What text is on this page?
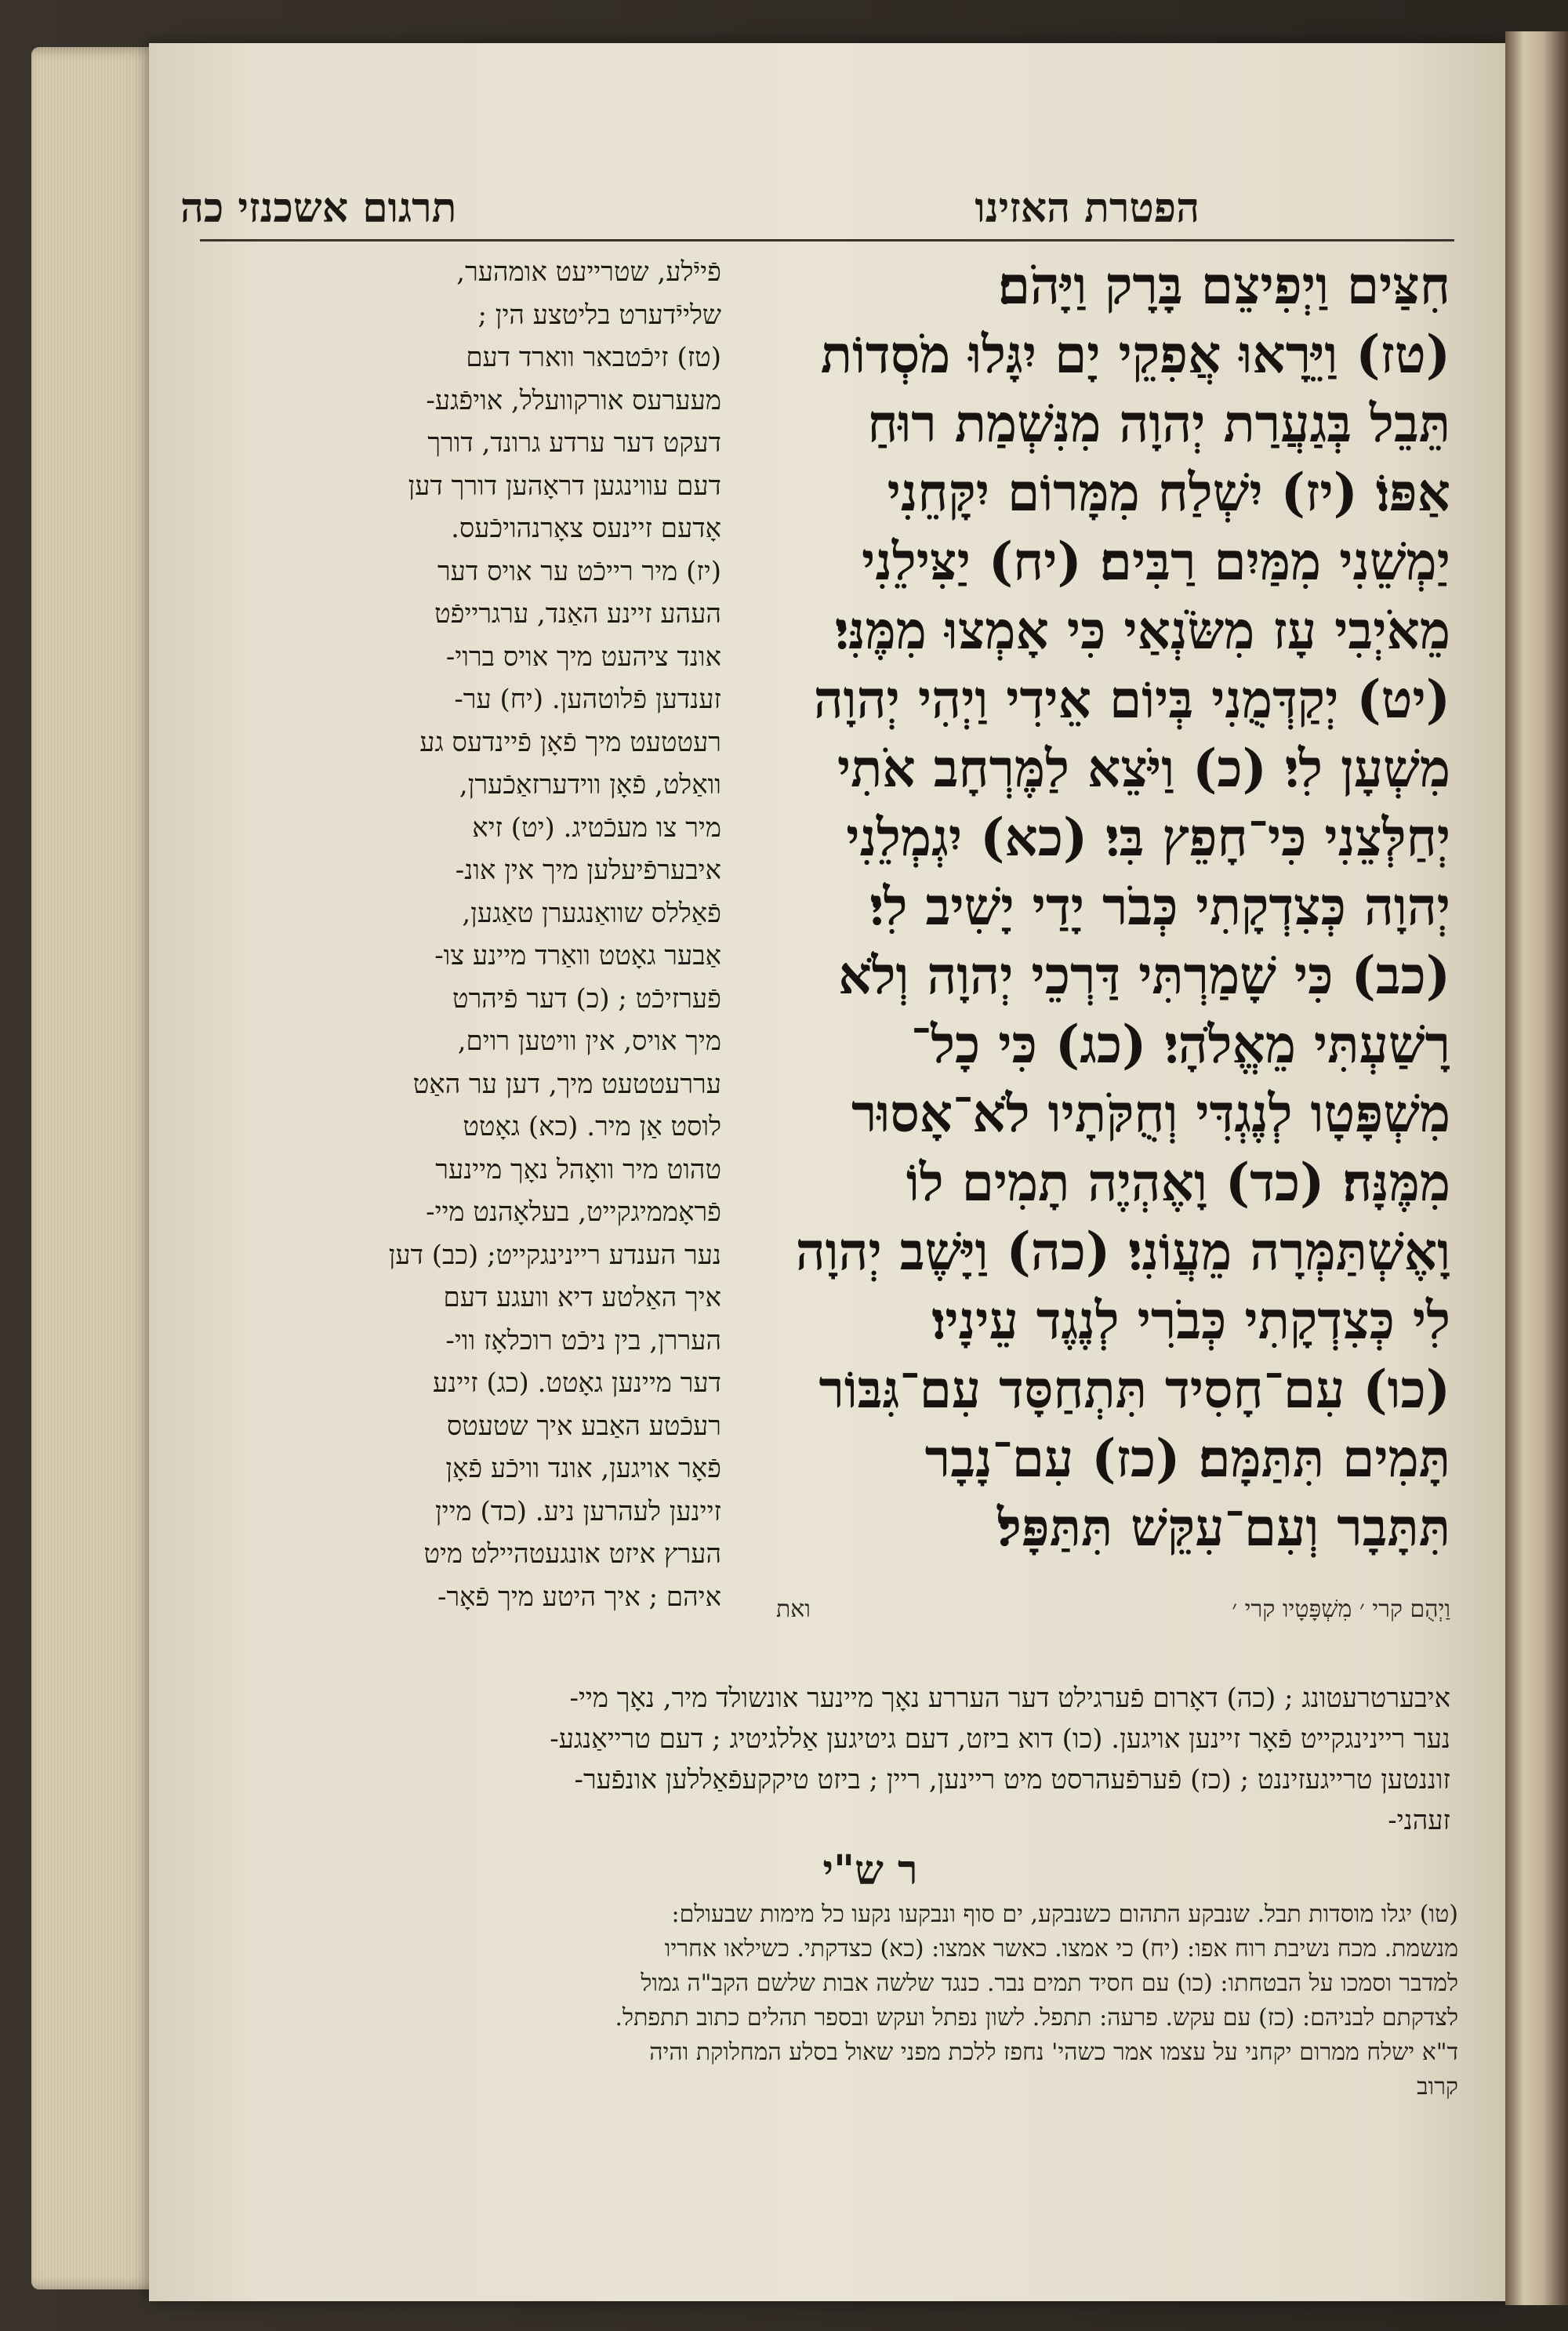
הפטרת האזינו
תרגום אשכנזי כה
חִצַּים וַיְפִיצֵם בָּרָק וַיָּהֹם׃
(טז) וַיֵּרָאוּ אֲפִקֵי יָם יִגָּלוּ מֹסְדוֹת
תֵּבֵל בְּגַעֲרַת יְהוָה מִנִּשְׁמַת רוּחַ
אַפּוֹ׃ (יז) יִשְׁלַח מִמָּרוֹם יִקָּחֵנִי
יַמְשֵׁנִי מִמַּיִם רַבִּים׃ (יח) יַצִּילֵנִי
מֵאֹיְבִי עָז מִשֹּׂנְאַי כִּי אָמְצוּ מִמֶּנִּי׃
(יט) יְקַדְּמֻנִי בְּיוֹם אֵידִי וַיְהִי יְהוָה
מִשְׁעָן לִי׃ (כ) וַיֹּצֵא לַמֶּרְחָב אֹתִי
יְחַלְּצֵנִי כִּי־חָפֵץ בִּי׃ (כא) יִגְמְלֵנִי
יְהוָה כְּצִדְקָתִי כְּבֹר יָדַי יָשִׁיב לִי׃
(כב) כִּי שָׁמַרְתִּי דַּרְכֵי יְהוָה וְלֹא
רָשַׁעְתִּי מֵאֱלֹהָי׃ (כג) כִּי כָל־
מִשְׁפָּטָו לְנֶגְדִּי וְחֻקֹּתָיו לֹא־אָסוּר
מִמֶּנָּה׃ (כד) וָאֶהְיֶה תָמִים לוֹ
וָאֶשְׁתַּמְּרָה מֵעֲוֹנִי׃ (כה) וַיָּשֶׁב יְהוָה
לִי כְּצִדְקָתִי כְּבֹרִי לְנֶגֶד עֵינָיו׃
(כו) עִם־חָסִיד תִּתְחַסָּד עִם־גִּבּוֹר
תָּמִים תִּתַּמָּם׃ (כז) עִם־נָבָר
תִּתָּבָר וְעִם־עִקֵּשׁ תִּתַּפָּל׃
וַיְהֻם קרי ׳ מִשְׁפָּטָיו קרי ׳
ואת
פֿייֿלע, שטרייעט אומהער,
שלייֿדערט בליטצע הין ;
(טז) זיכֿטבאר ווארד דעם
מעערעס אורקוועלל, אויפֿגע-
דעקט דער ערדע גרונד, דורך
דעם עווינגען דראָהען דורך דען
אָדעם זיינעס צאָרנהויכֿעס.
(יז) מיר רייכֿט ער אויס דער
העהע זיינע האַנד, ערגרייפֿט
אונד ציהעט מיך אויס ברוי-
זענדען פֿלוטהען. (יח) ער-
רעטטעט מיך פֿאָן פֿיינדעס גע
וואַלט, פֿאָן ווידערזאַכֿערן,
מיר צו מעכֿטיג. (יט) זיא
איבערפֿיעלען מיך אין אונ-
פֿאַללס שוואַנגערן טאַגען,
אַבער גאָטט וואַרד מיינע צו-
פֿערזיכֿט ; (כ) דער פֿיהרט
מיך אויס, אין וויטען רוים,
עררעטטעט מיך, דען ער האַט
לוסט אַן מיר. (כא) גאָטט
טהוט מיר וואָהל נאָך מיינער
פֿראָממיגקייט, בעלאָהנט מיי-
נער הענדע ריינינגקייט; (כב) דען
איך האַלטע דיא וועגע דעם
העררן, בין ניכֿט רוכלאָז ווי-
דער מיינען גאָטט. (כג) זיינע
רעכֿטע האַבע איך שטעטס
פֿאָר אויגען, אונד וויכֿע פֿאָן
זיינען לעהרען ניע. (כד) מיין
הערץ איזט אונגעטהיילט מיט
איהם ; איך היטע מיך פֿאָר-
איבערטרעטונג ; (כה) דאָרום פֿערגילט דער העררע נאָך מיינער אונשולד מיר, נאָך מיי-
נער ריינינגקייט פֿאָר זיינען אויגען. (כו) דוא ביזט, דעם גיטיגען אַללגיטיג ; דעם טרייאַנגע-
זוננטען טרייגעזיננט ; (כז) פֿערפֿעהרסט מיט ריינען, ריין ; ביזט טיקקעפֿאַללען אונפֿער-
זעהני-
ר ש"י
(טו) יגלו מוסדות תבל. שנבקע התהום כשנבקע, ים סוף ונבקעו נקעו כל מימות שבעולם:
מנשמת. מכח נשיבת רוח אפו: (יח) כי אמצו. כאשר אמצו: (כא) כצדקתי. כשילאו אחריו
למדבר וסמכו על הבטחתו: (כו) עם חסיד תמים נבר. כנגד שלשה אבות שלשם הקב"ה גמול
לצדקתם לבניהם: (כז) עם עקש. פרעה: תתפל. לשון נפתל ועקש ובספר תהלים כתוב תתפתל.
ד"א ישלח ממרום יקחני על עצמו אמר כשהי' נחפז ללכת מפני שאול בסלע המחלוקת והיה
קרוב
